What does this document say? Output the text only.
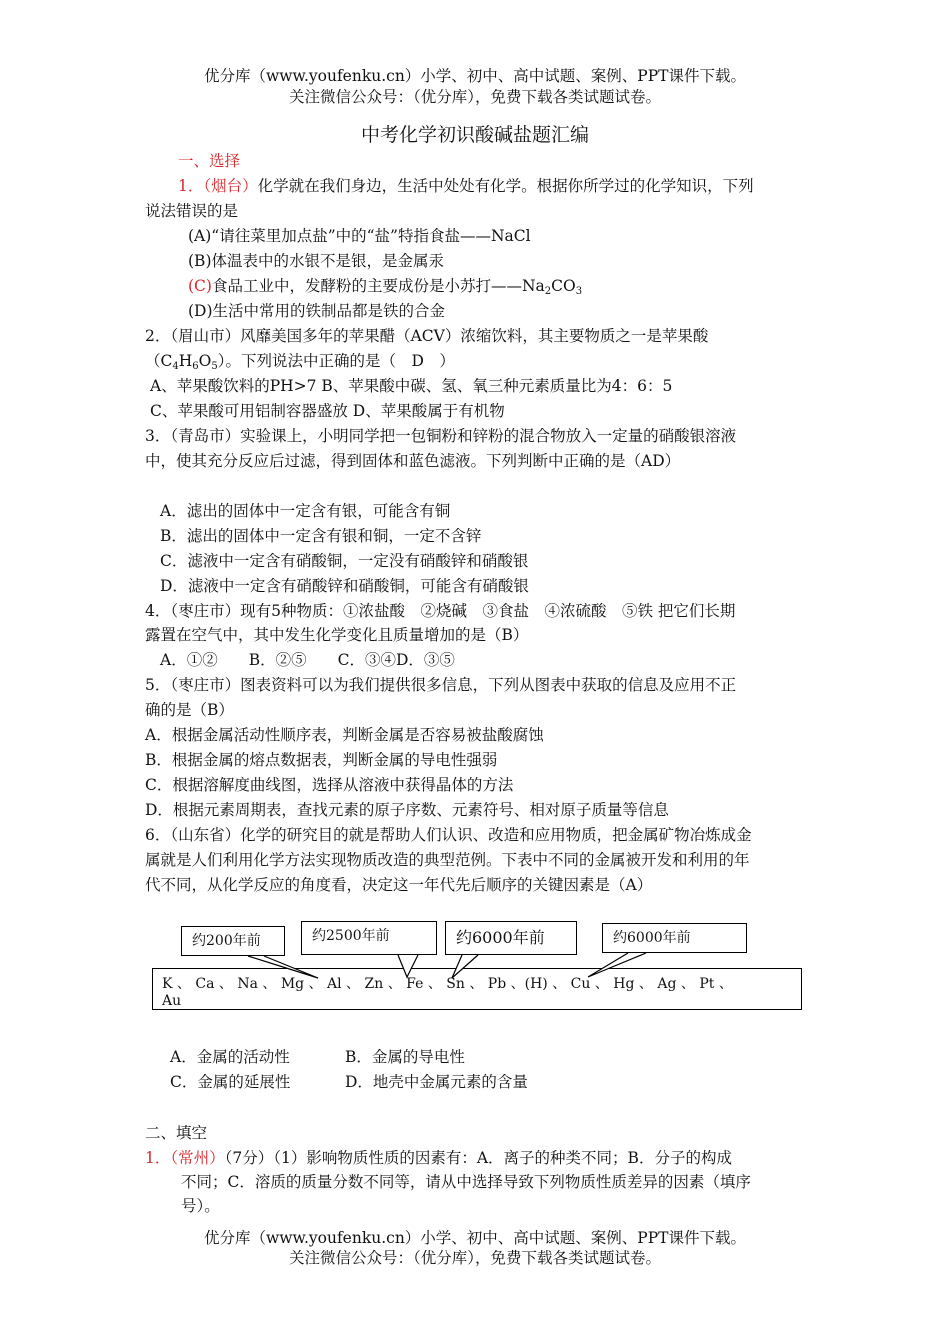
优分库（www.youfenku.cn）小学、初中、高中试题、案例、PPT课件下载。
关注微信公众号：（优分库），免费下载各类试题试卷。
中考化学初识酸碱盐题汇编
一、选择
1．（烟台）化学就在我们身边，生活中处处有化学。根据你所学过的化学知识，下列
说法错误的是
(A)“请往菜里加点盐”中的“盐”特指食盐——NaCl
(B)体温表中的水银不是银，是金属汞
(C)食品工业中，发酵粉的主要成份是小苏打$——Na_2CO_3$
(D)生活中常用的铁制品都是铁的合金
2．（眉山市）风靡美国多年的苹果醋（ACV）浓缩饮料，其主要物质之一是苹果酸
$(C_4H_6O_5)$。下列说法中正确的是（　D　）
A、苹果酸饮料的PH>7 B、苹果酸中碳、氢、氧三种元素质量比为4：6：5
C、苹果酸可用铝制容器盛放 D、苹果酸属于有机物
3．（青岛市）实验课上，小明同学把一包铜粉和锌粉的混合物放入一定量的硝酸银溶液
中，使其充分反应后过滤，得到固体和蓝色滤液。下列判断中正确的是（AD）
A．滤出的固体中一定含有银，可能含有铜
B．滤出的固体中一定含有银和铜，一定不含锌
C．滤液中一定含有硝酸铜，一定没有硝酸锌和硝酸银
D．滤液中一定含有硝酸锌和硝酸铜，可能含有硝酸银
4．（枣庄市）现有5种物质：①浓盐酸　②烧碱　③食盐　④浓硫酸　⑤铁 把它们长期
露置在空气中，其中发生化学变化且质量增加的是（B）
A．①②　　B．②⑤　　C．③④D．③⑤
5．（枣庄市）图表资料可以为我们提供很多信息，下列从图表中获取的信息及应用不正
确的是（B）
A．根据金属活动性顺序表，判断金属是否容易被盐酸腐蚀
B．根据金属的熔点数据表，判断金属的导电性强弱
C．根据溶解度曲线图，选择从溶液中获得晶体的方法
D．根据元素周期表，查找元素的原子序数、元素符号、相对原子质量等信息
6．（山东省）化学的研究目的就是帮助人们认识、改造和应用物质，把金属矿物冶炼成金
属就是人们利用化学方法实现物质改造的典型范例。下表中不同的金属被开发和利用的年
代不同，从化学反应的角度看，决定这一年代先后顺序的关键因素是（A）
约200年前	约2500年前	约6000年前	约6000年前
K 、 Ca 、 Na 、 Mg 、 Al 、 Zn 、 Fe 、 Sn 、 Pb 、(H) 、 Cu 、 Hg 、 Ag 、 Pt 、
Au
A．金属的活动性	B．金属的导电性
C．金属的延展性	D．地壳中金属元素的含量
二、填空
1．（常州）（7分）（1）影响物质性质的因素有：A．离子的种类不同；B．分子的构成
不同；C．溶质的质量分数不同等，请从中选择导致下列物质性质差异的因素（填序
号）。
优分库（www.youfenku.cn）小学、初中、高中试题、案例、PPT课件下载。
关注微信公众号：（优分库），免费下载各类试题试卷。
